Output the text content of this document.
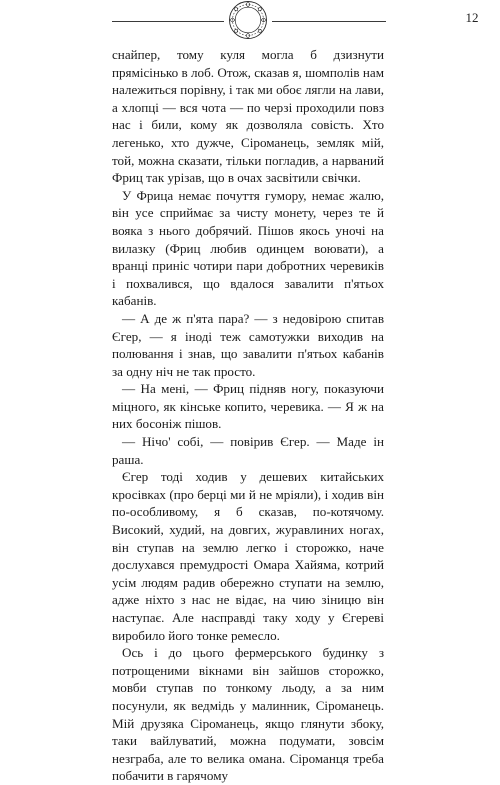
12

снайпер, тому куля могла б дзизнути прямісінько в лоб. Отож, сказав я, шомполів нам належиться порівну, і так ми обоє лягли на лави, а хлопці — вся чота — по черзі проходили повз нас і били, кому як дозволяла совість. Хто легенько, хто дужче, Сіроманець, земляк мій, той, можна сказати, тільки погладив, а нарваний Фриц так урізав, що в очах засвітили свічки.

У Фрица немає почуття гумору, немає жалю, він усе сприймає за чисту монету, через те й вояка з нього добрячий. Пішов якось уночі на вилазку (Фриц любив одинцем воювати), а вранці приніс чотири пари добротних черевиків і похвалився, що вдалося завалити п'ятьох кабанів.

— А де ж п'ята пара? — з недовірою спитав Єгер, — я іноді теж самотужки виходив на полювання і знав, що завалити п'ятьох кабанів за одну ніч не так просто.

— На мені, — Фриц підняв ногу, показуючи міцного, як кінське копито, черевика. — Я ж на них босоніж пішов.

— Нічо' собі, — повірив Єгер. — Маде ін раша.

Єгер тоді ходив у дешевих китайських кросівках (про берці ми й не мріяли), і ходив він по-особливому, я б сказав, по-котячому. Високий, худий, на довгих, журавлиних ногах, він ступав на землю легко і сторожко, наче дослухався премудрості Омара Хайяма, котрий усім людям радив обережно ступати на землю, адже ніхто з нас не відає, на чию зіницю він наступає. Але насправді таку ходу у Єгереві виробило його тонке ремесло.

Ось і до цього фермерського будинку з потрощеними вікнами він зайшов сторожко, мовби ступав по тонкому льоду, а за ним посунули, як ведмідь у малинник, Сіроманець. Мій друзяка Сіроманець, якщо глянути збоку, таки вайлуватий, можна подумати, зовсім незграба, але то велика омана. Сіроманця треба побачити в гарячому
